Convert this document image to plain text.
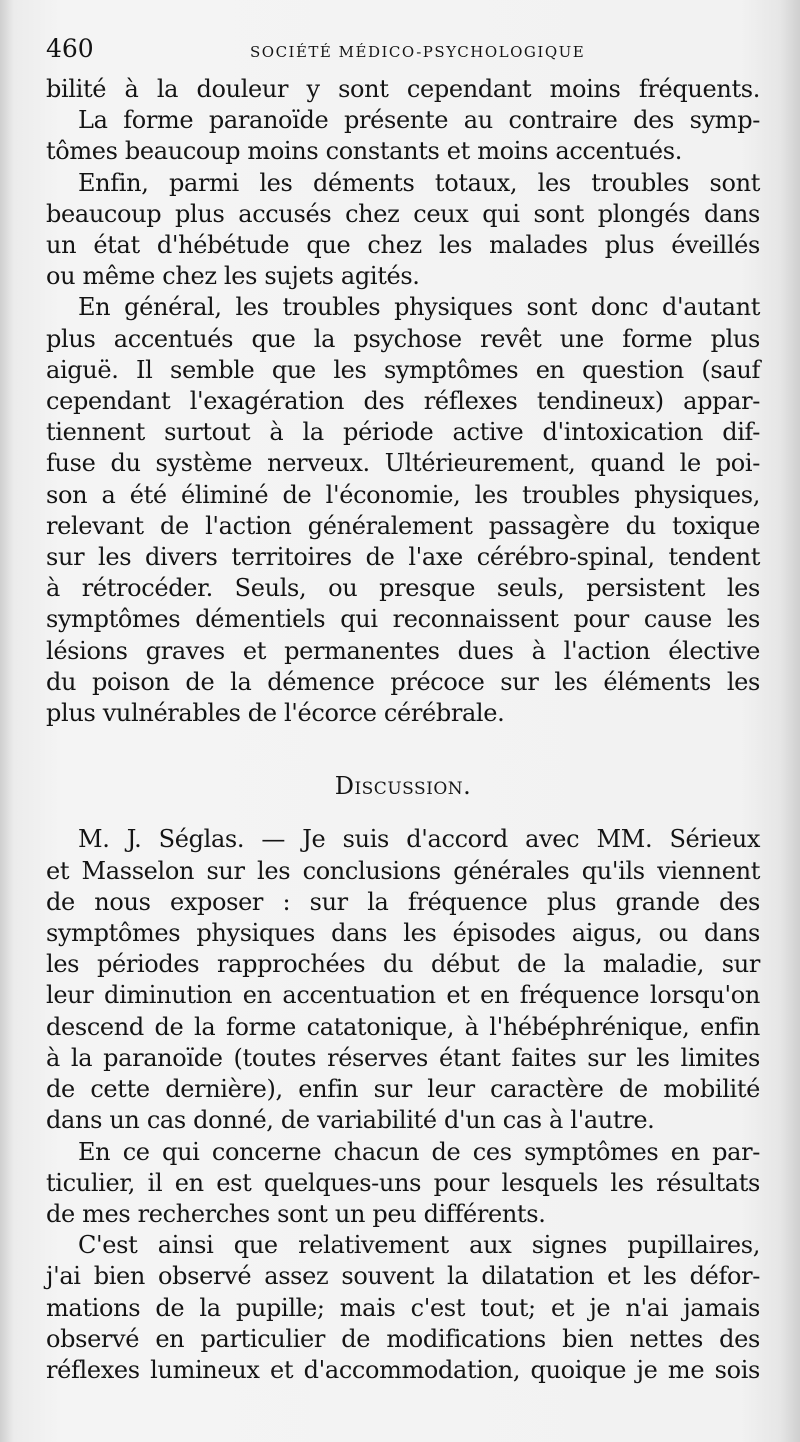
460	SOCIÉTÉ MÉDICO-PSYCHOLOGIQUE
bilité à la douleur y sont cependant moins fréquents.
La forme paranoïde présente au contraire des symp-
tômes beaucoup moins constants et moins accentués.
Enfin, parmi les déments totaux, les troubles sont
beaucoup plus accusés chez ceux qui sont plongés dans
un état d'hébétude que chez les malades plus éveillés
ou même chez les sujets agités.
En général, les troubles physiques sont donc d'autant
plus accentués que la psychose revêt une forme plus
aiguë. Il semble que les symptômes en question (sauf
cependant l'exagération des réflexes tendineux) appar-
tiennent surtout à la période active d'intoxication dif-
fuse du système nerveux. Ultérieurement, quand le poi-
son a été éliminé de l'économie, les troubles physiques,
relevant de l'action généralement passagère du toxique
sur les divers territoires de l'axe cérébro-spinal, tendent
à rétrocéder. Seuls, ou presque seuls, persistent les
symptômes démentiels qui reconnaissent pour cause les
lésions graves et permanentes dues à l'action élective
du poison de la démence précoce sur les éléments les
plus vulnérables de l'écorce cérébrale.
Discussion.
M. J. Séglas. — Je suis d'accord avec MM. Sérieux
et Masselon sur les conclusions générales qu'ils viennent
de nous exposer : sur la fréquence plus grande des
symptômes physiques dans les épisodes aigus, ou dans
les périodes rapprochées du début de la maladie, sur
leur diminution en accentuation et en fréquence lorsqu'on
descend de la forme catatonique, à l'hébéphrénique, enfin
à la paranoïde (toutes réserves étant faites sur les limites
de cette dernière), enfin sur leur caractère de mobilité
dans un cas donné, de variabilité d'un cas à l'autre.
En ce qui concerne chacun de ces symptômes en par-
ticulier, il en est quelques-uns pour lesquels les résultats
de mes recherches sont un peu différents.
C'est ainsi que relativement aux signes pupillaires,
j'ai bien observé assez souvent la dilatation et les défor-
mations de la pupille; mais c'est tout; et je n'ai jamais
observé en particulier de modifications bien nettes des
réflexes lumineux et d'accommodation, quoique je me sois
